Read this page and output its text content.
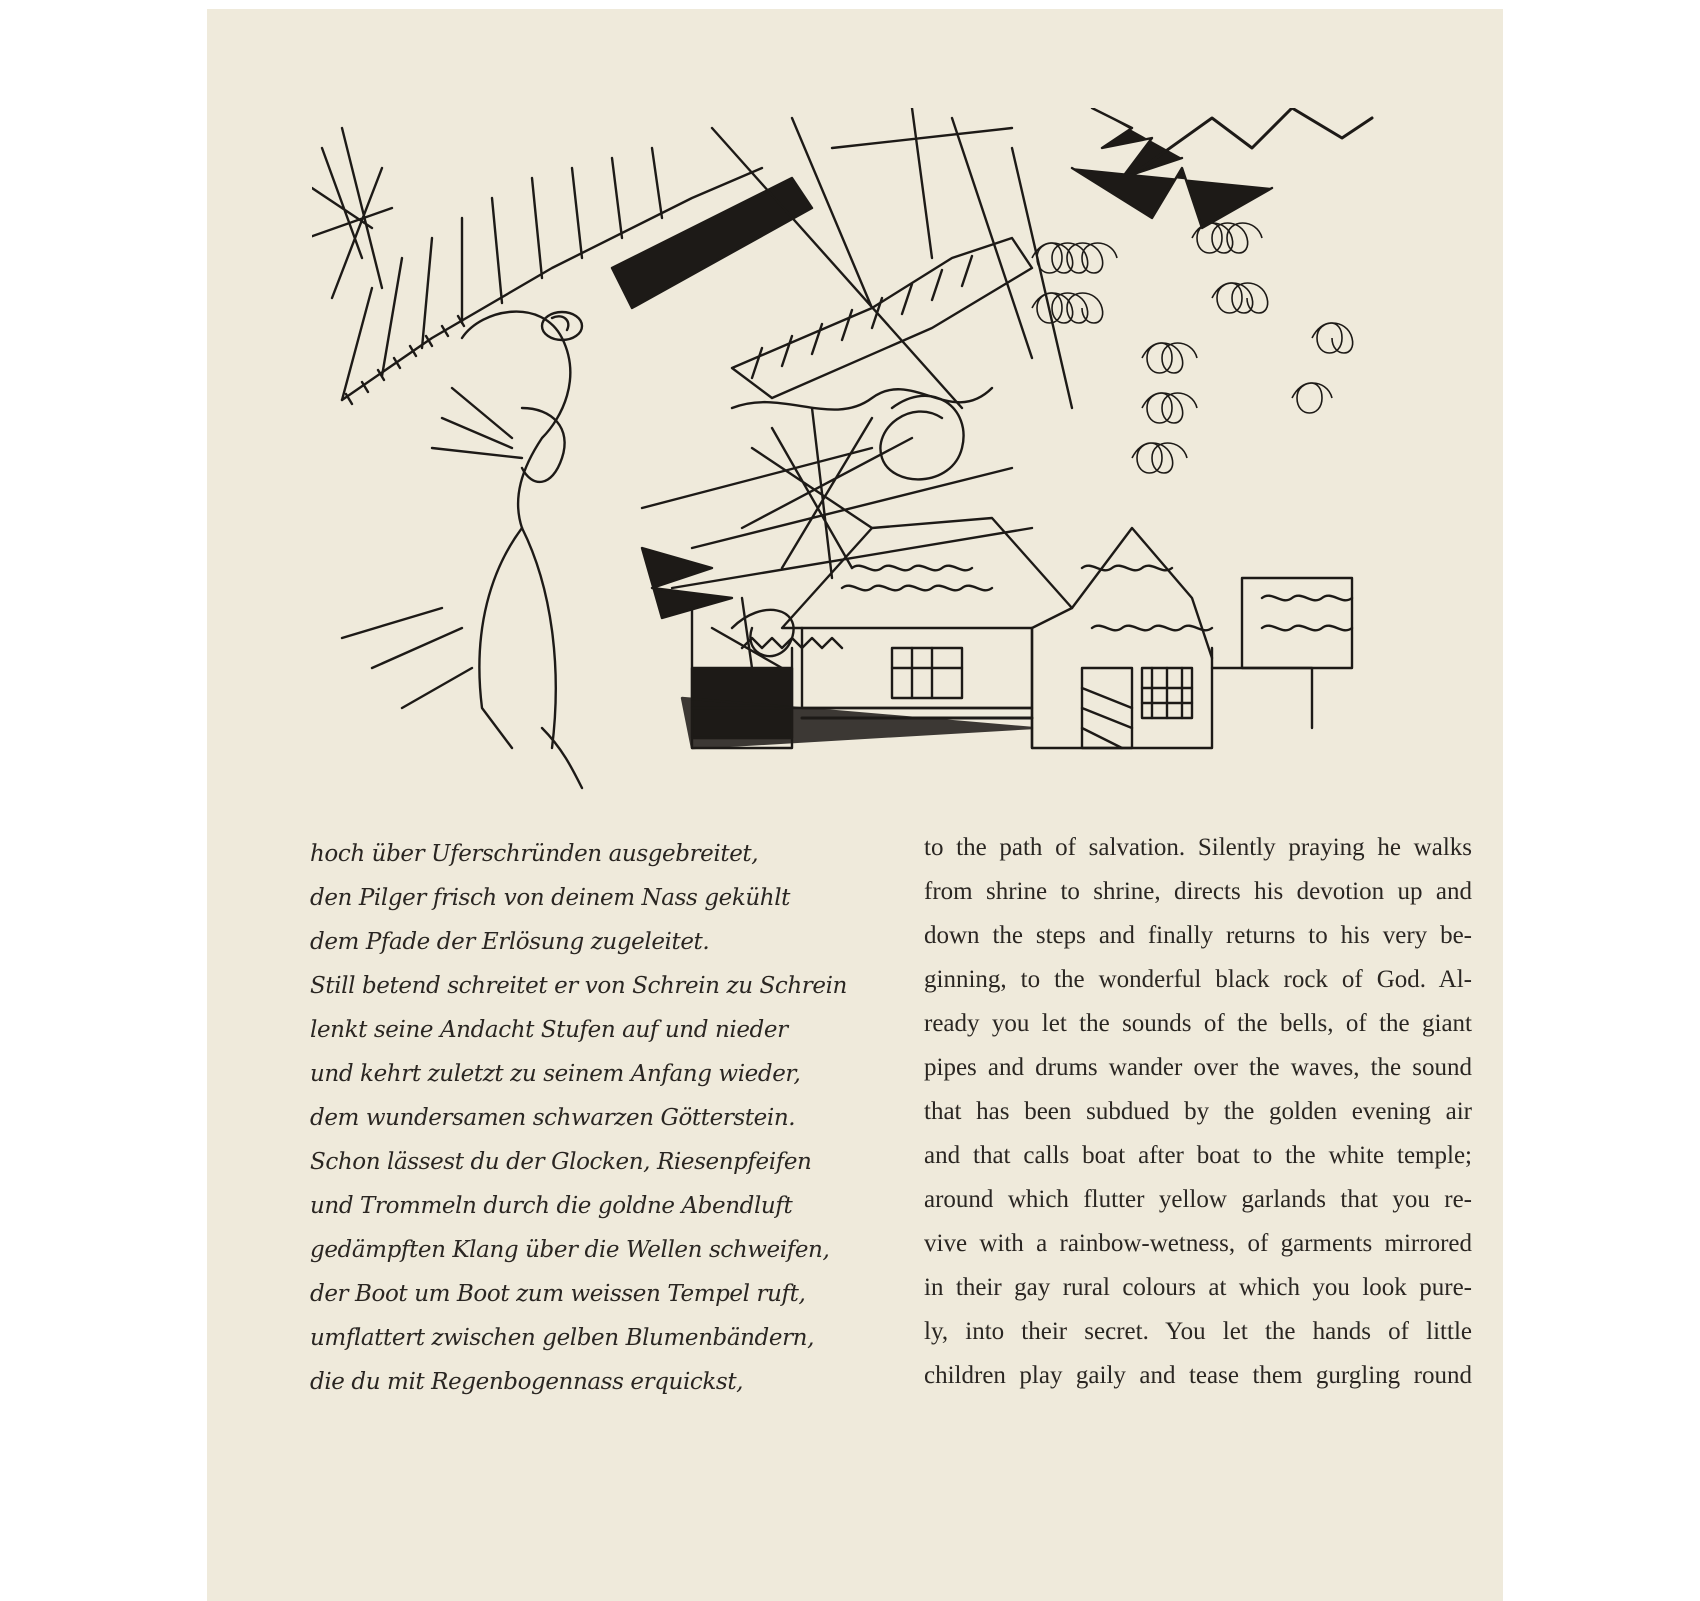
hoch über Uferschründen ausgebreitet,
den Pilger frisch von deinem Nass gekühlt
dem Pfade der Erlösung zugeleitet.
Still betend schreitet er von Schrein zu Schrein
lenkt seine Andacht Stufen auf und nieder
und kehrt zuletzt zu seinem Anfang wieder,
dem wundersamen schwarzen Götterstein.
Schon lässest du der Glocken, Riesenpfeifen
und Trommeln durch die goldne Abendluft
gedämpften Klang über die Wellen schweifen,
der Boot um Boot zum weissen Tempel ruft,
umflattert zwischen gelben Blumenbändern,
die du mit Regenbogennass erquickst,
to the path of salvation. Silently praying he walks
from shrine to shrine, directs his devotion up and
down the steps and finally returns to his very be-
ginning, to the wonderful black rock of God. Al-
ready you let the sounds of the bells, of the giant
pipes and drums wander over the waves, the sound
that has been subdued by the golden evening air
and that calls boat after boat to the white temple;
around which flutter yellow garlands that you re-
vive with a rainbow-wetness, of garments mirrored
in their gay rural colours at which you look pure-
ly, into their secret. You let the hands of little
children play gaily and tease them gurgling round
